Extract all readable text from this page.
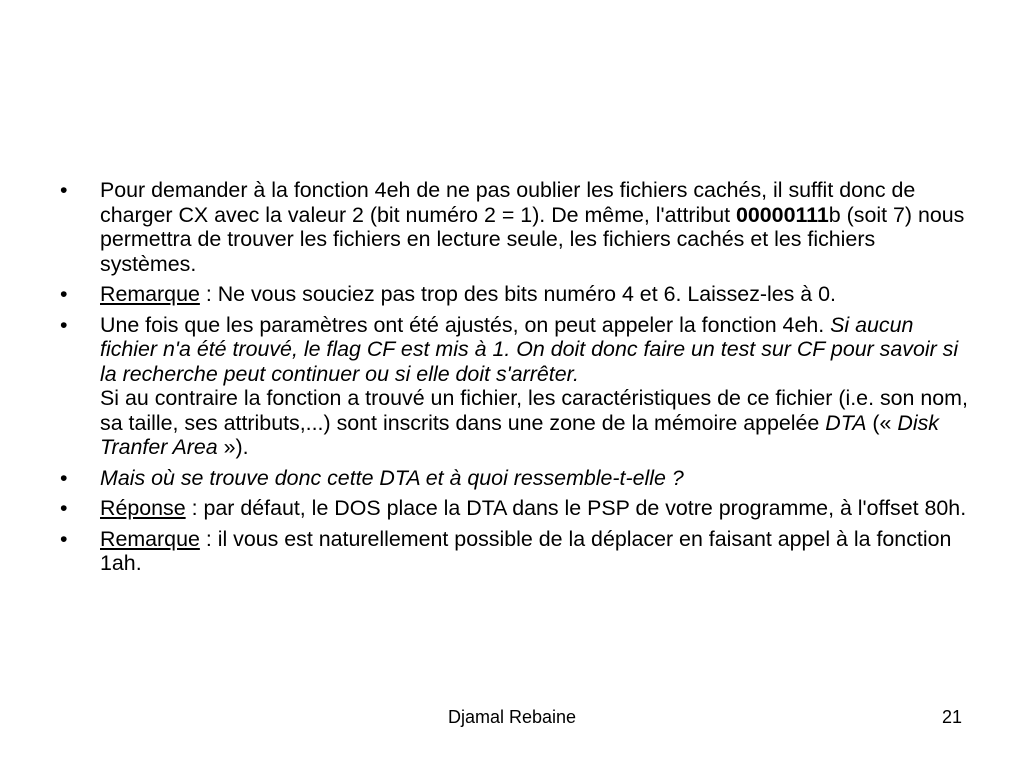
• Pour demander à la fonction 4eh de ne pas oublier les fichiers cachés, il suffit donc de charger CX avec la valeur 2 (bit numéro 2 = 1). De même, l'attribut 00000111b (soit 7) nous permettra de trouver les fichiers en lecture seule, les fichiers cachés et les fichiers systèmes.
• Remarque : Ne vous souciez pas trop des bits numéro 4 et 6. Laissez-les à 0.
• Une fois que les paramètres ont été ajustés, on peut appeler la fonction 4eh. Si aucun fichier n'a été trouvé, le flag CF est mis à 1. On doit donc faire un test sur CF pour savoir si la recherche peut continuer ou si elle doit s'arrêter.
Si au contraire la fonction a trouvé un fichier, les caractéristiques de ce fichier (i.e. son nom, sa taille, ses attributs,...) sont inscrits dans une zone de la mémoire appelée DTA (« Disk Tranfer Area »).
• Mais où se trouve donc cette DTA et à quoi ressemble-t-elle ?
• Réponse : par défaut, le DOS place la DTA dans le PSP de votre programme, à l'offset 80h.
• Remarque : il vous est naturellement possible de la déplacer en faisant appel à la fonction 1ah.
Djamal Rebaine	21
